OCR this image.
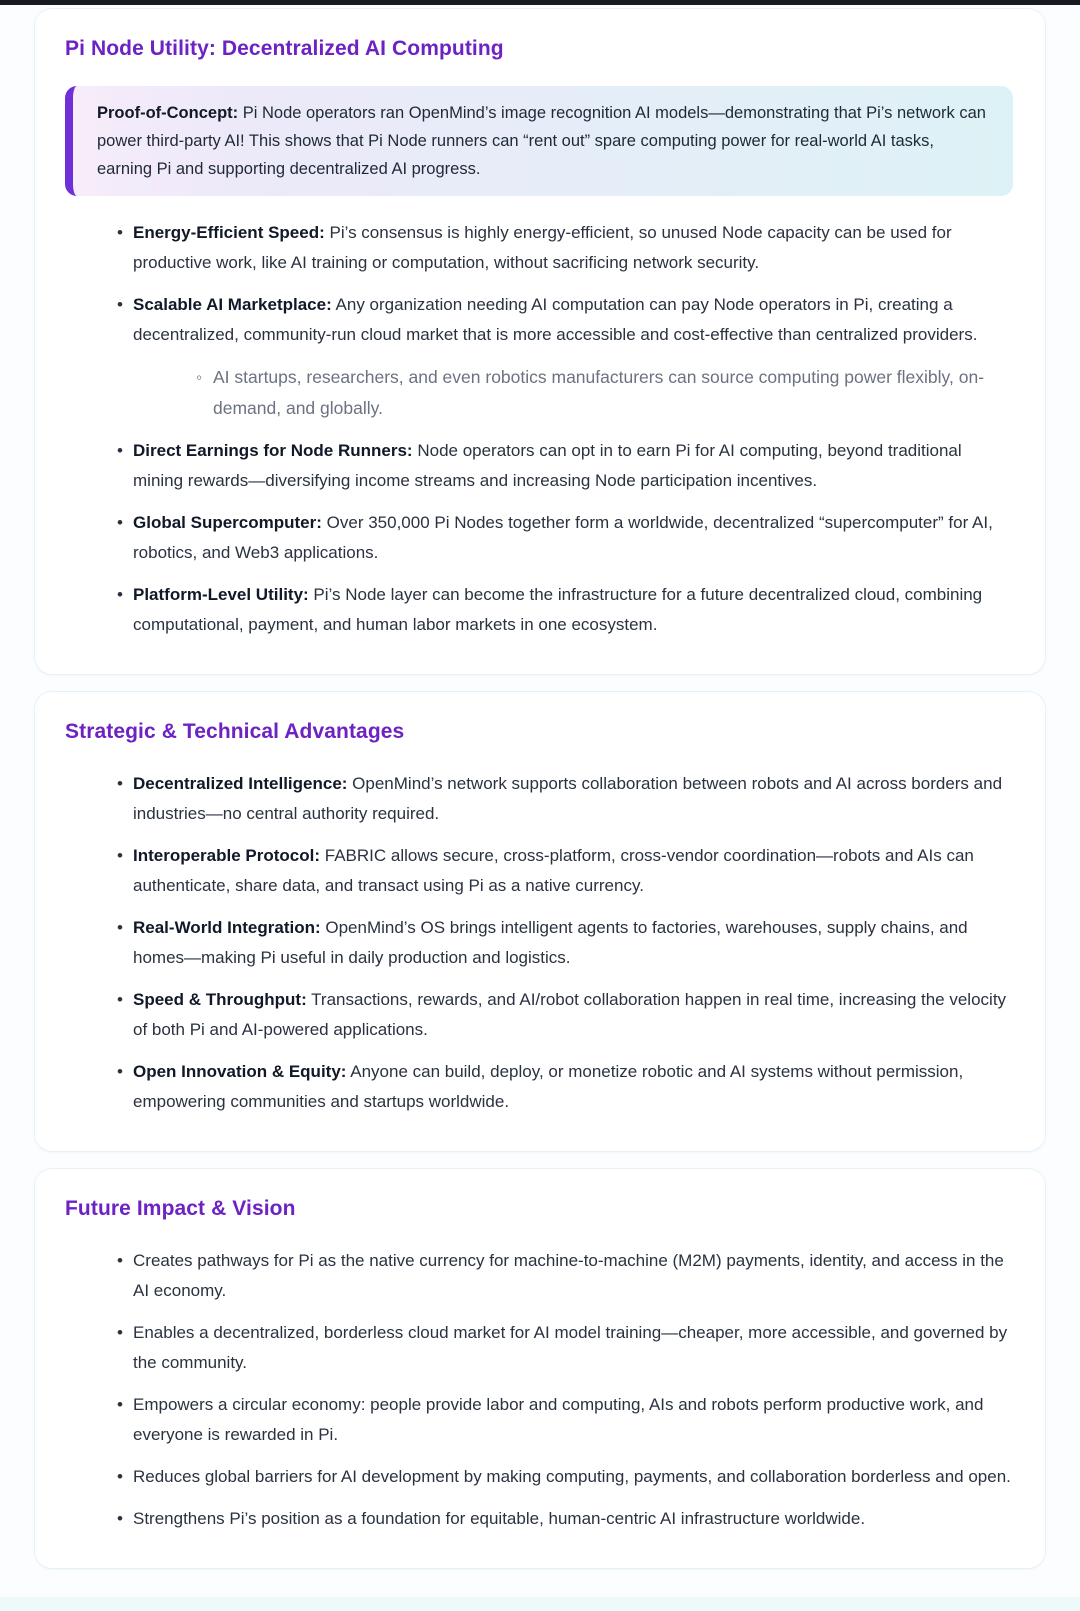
Pi Node Utility: Decentralized AI Computing

Proof-of-Concept: Pi Node operators ran OpenMind’s image recognition AI models—demonstrating that Pi’s network can power third-party AI! This shows that Pi Node runners can “rent out” spare computing power for real-world AI tasks, earning Pi and supporting decentralized AI progress.

• Energy-Efficient Speed: Pi’s consensus is highly energy-efficient, so unused Node capacity can be used for productive work, like AI training or computation, without sacrificing network security.
• Scalable AI Marketplace: Any organization needing AI computation can pay Node operators in Pi, creating a decentralized, community-run cloud market that is more accessible and cost-effective than centralized providers.
◦ AI startups, researchers, and even robotics manufacturers can source computing power flexibly, on-demand, and globally.
• Direct Earnings for Node Runners: Node operators can opt in to earn Pi for AI computing, beyond traditional mining rewards—diversifying income streams and increasing Node participation incentives.
• Global Supercomputer: Over 350,000 Pi Nodes together form a worldwide, decentralized “supercomputer” for AI, robotics, and Web3 applications.
• Platform-Level Utility: Pi’s Node layer can become the infrastructure for a future decentralized cloud, combining computational, payment, and human labor markets in one ecosystem.
Strategic & Technical Advantages
• Decentralized Intelligence: OpenMind’s network supports collaboration between robots and AI across borders and industries—no central authority required.
• Interoperable Protocol: FABRIC allows secure, cross-platform, cross-vendor coordination—robots and AIs can authenticate, share data, and transact using Pi as a native currency.
• Real-World Integration: OpenMind’s OS brings intelligent agents to factories, warehouses, supply chains, and homes—making Pi useful in daily production and logistics.
• Speed & Throughput: Transactions, rewards, and AI/robot collaboration happen in real time, increasing the velocity of both Pi and AI-powered applications.
• Open Innovation & Equity: Anyone can build, deploy, or monetize robotic and AI systems without permission, empowering communities and startups worldwide.
Future Impact & Vision
• Creates pathways for Pi as the native currency for machine-to-machine (M2M) payments, identity, and access in the AI economy.
• Enables a decentralized, borderless cloud market for AI model training—cheaper, more accessible, and governed by the community.
• Empowers a circular economy: people provide labor and computing, AIs and robots perform productive work, and everyone is rewarded in Pi.
• Reduces global barriers for AI development by making computing, payments, and collaboration borderless and open.
• Strengthens Pi’s position as a foundation for equitable, human-centric AI infrastructure worldwide.
